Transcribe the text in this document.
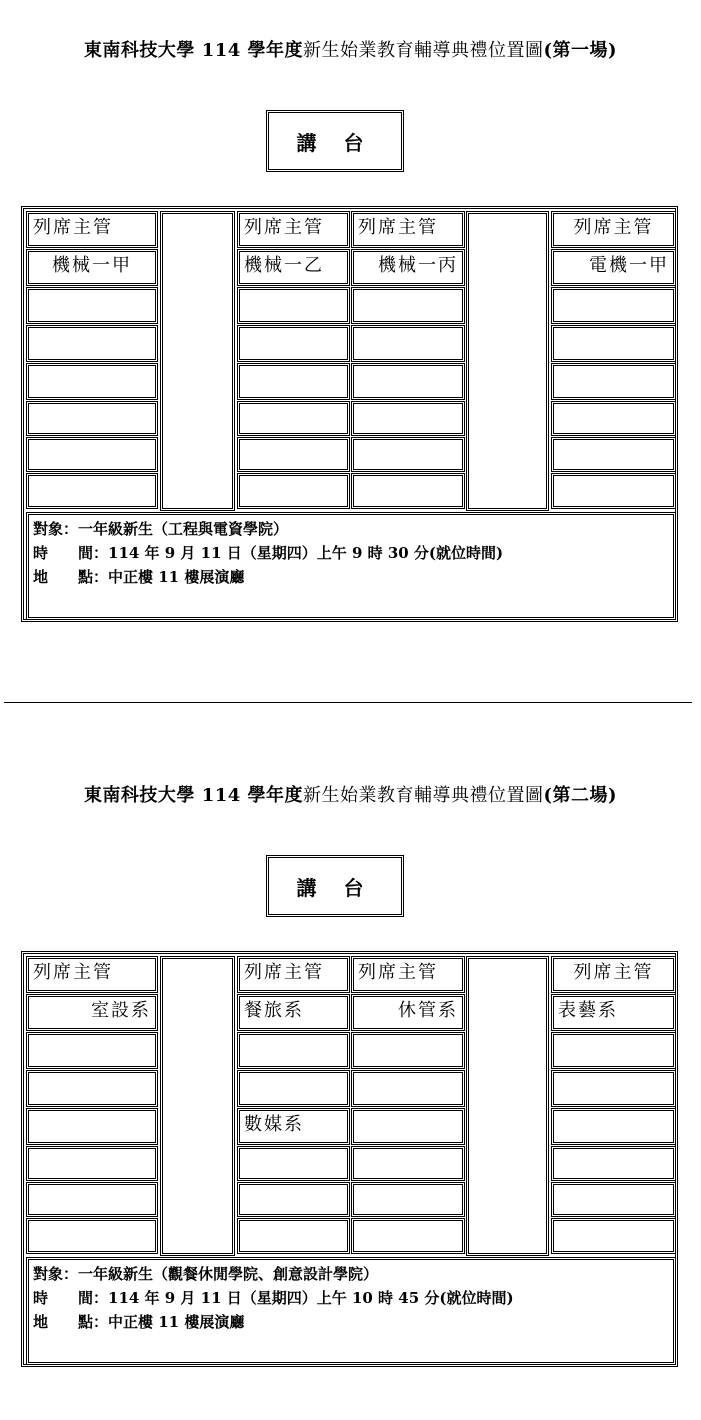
東南科技大學 114 學年度新生始業教育輔導典禮位置圖(第一場)
講 台
對象：一年級新生（工程與電資學院）
時　　間：114 年 9 月 11 日（星期四）上午 9 時 30 分(就位時間)
地　　點：中正樓 11 樓展演廳
列席主管
機械一甲
列席主管
機械一乙
列席主管
機械一丙
列席主管
電機一甲
東南科技大學 114 學年度新生始業教育輔導典禮位置圖(第二場)
講 台
對象：一年級新生（觀餐休閒學院、創意設計學院）
時　　間：114 年 9 月 11 日（星期四）上午 10 時 45 分(就位時間)
地　　點：中正樓 11 樓展演廳
列席主管
室設系
列席主管
餐旅系
數媒系
列席主管
休管系
列席主管
表藝系
